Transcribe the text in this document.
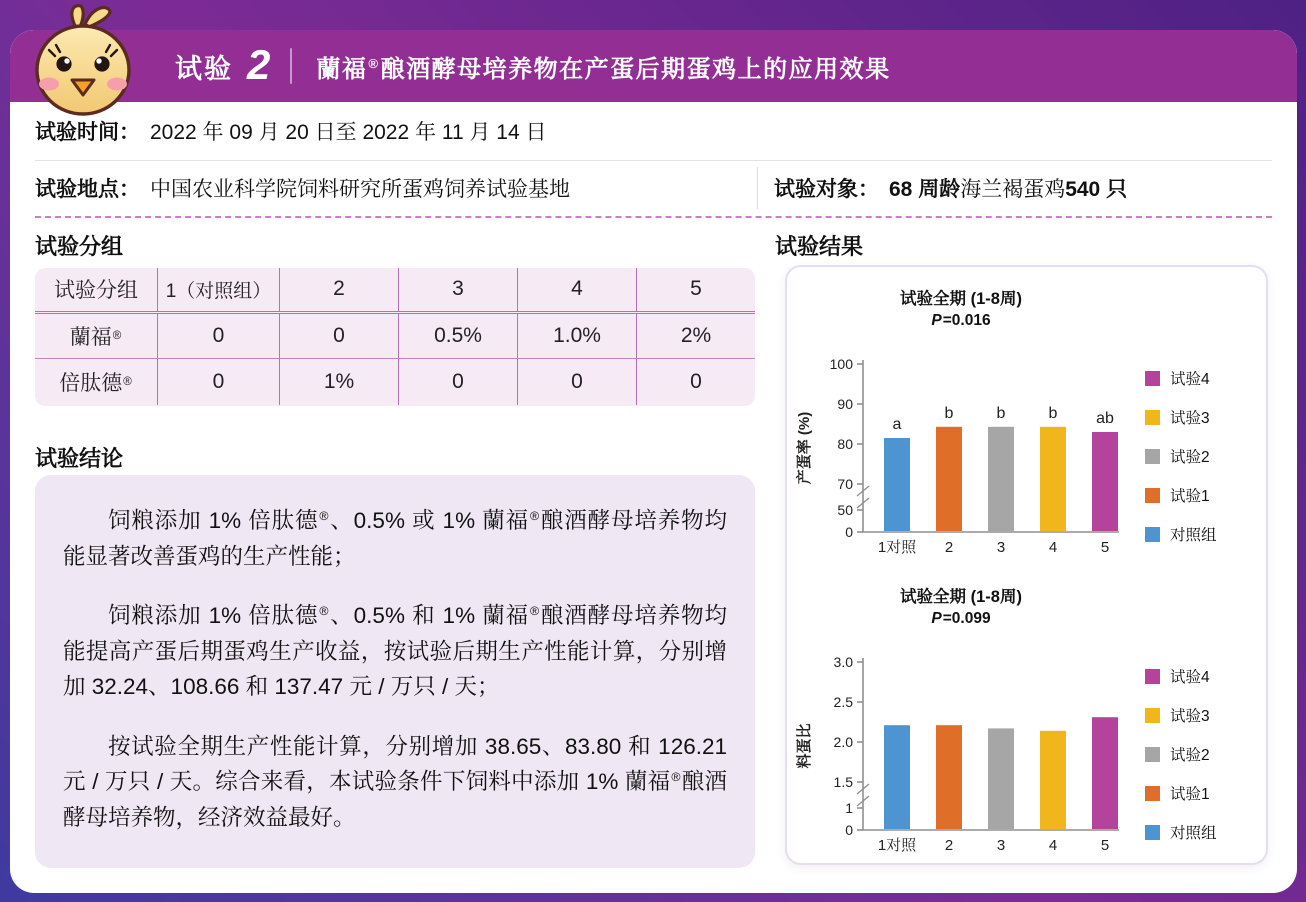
试验 2 蘭福®酿酒酵母培养物在产蛋后期蛋鸡上的应用效果
试验时间： 2022 年 09 月 20 日至 2022 年 11 月 14 日
试验地点： 中国农业科学院饲料研究所蛋鸡饲养试验基地	试验对象： 68 周龄 海兰褐蛋鸡 540 只
试验分组
试验分组	1（对照组）	2	3	4	5
蘭福 ®	0	0	0.5%	1.0%	2%
倍肽德 ®	0	1%	0	0	0
试验结论

饲粮添加 1% 倍肽德®、0.5% 或 1% 蘭福®酿酒酵母培养物均能显著改善蛋鸡的生产性能；

饲粮添加 1% 倍肽德®、0.5% 和 1% 蘭福®酿酒酵母培养物均能提高产蛋后期蛋鸡生产收益，按试验后期生产性能计算，分别增加 32.24、108.66 和 137.47 元 / 万只 / 天；

按试验全期生产性能计算，分别增加 38.65、83.80 和 126.21 元 / 万只 / 天。综合来看，本试验条件下饲料中添加 1% 蘭福®酿酒酵母培养物，经济效益最好。

试验结果
试验全期 (1-8周)
P=0.016
0
50
70
80
90
100
产蛋率 (%)	a
1对照
b
2
b
3
b
4
ab
5
试验4
试验3
试验2
试验1
对照组
试验全期 (1-8周)
P=0.099
0
1
1.5
2.0
2.5
3.0
料蛋比
1对照 2	3	4	5
试验4
试验3
试验2
试验1
对照组
